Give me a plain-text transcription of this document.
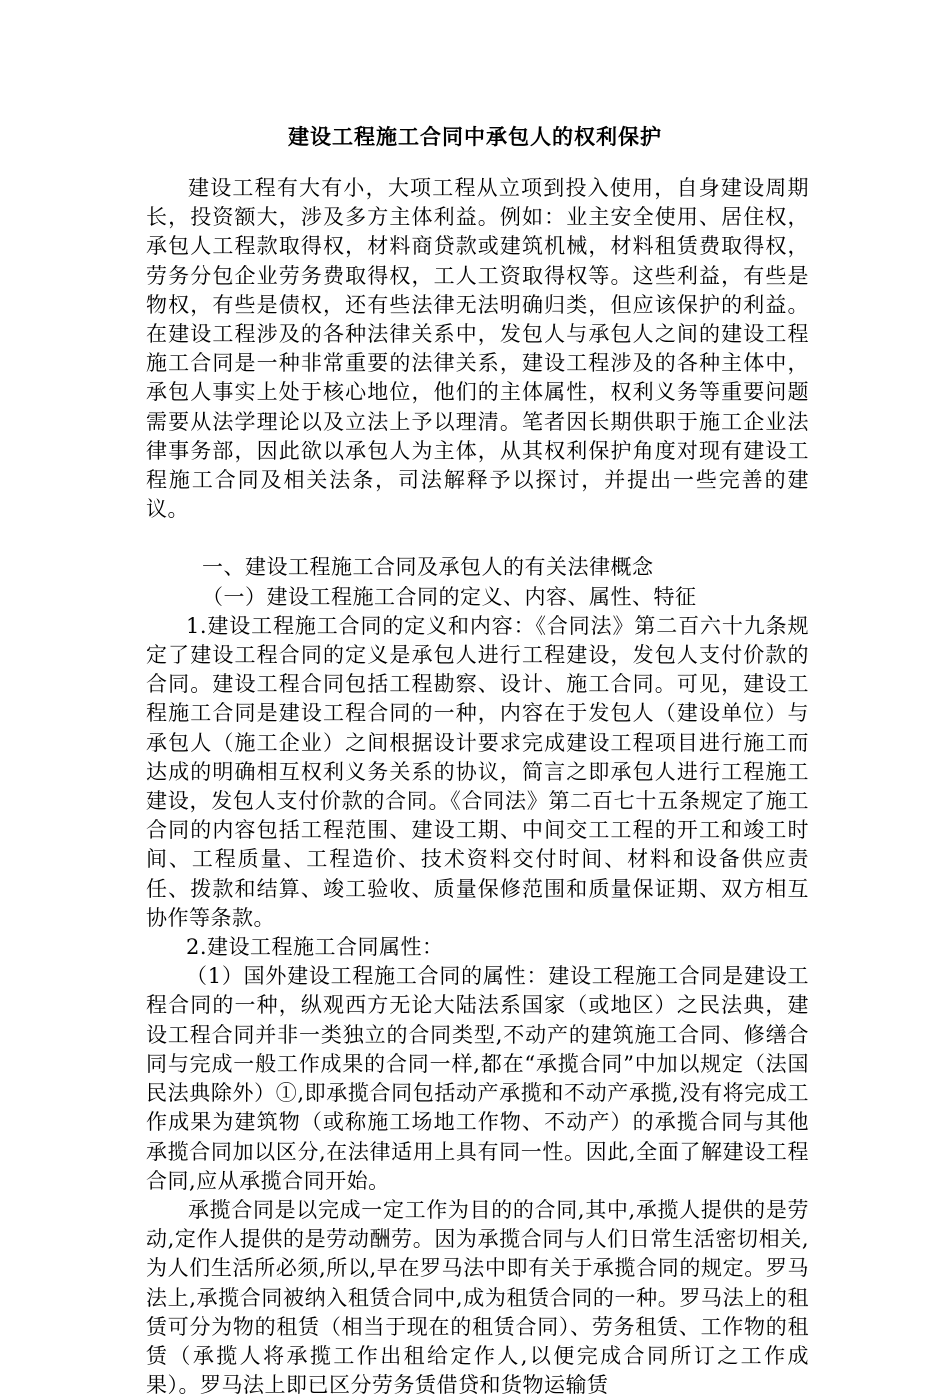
建设工程施工合同中承包人的权利保护

建设工程有大有小，大项工程从立项到投入使用，自身建设周期长，投资额大，涉及多方主体利益。例如：业主安全使用、居住权，承包人工程款取得权，材料商贷款或建筑机械，材料租赁费取得权，劳务分包企业劳务费取得权，工人工资取得权等。这些利益，有些是物权，有些是债权，还有些法律无法明确归类，但应该保护的利益。在建设工程涉及的各种法律关系中，发包人与承包人之间的建设工程施工合同是一种非常重要的法律关系，建设工程涉及的各种主体中，承包人事实上处于核心地位，他们的主体属性，权利义务等重要问题需要从法学理论以及立法上予以理清。笔者因长期供职于施工企业法律事务部，因此欲以承包人为主体，从其权利保护角度对现有建设工程施工合同及相关法条，司法解释予以探讨，并提出一些完善的建议。

一、建设工程施工合同及承包人的有关法律概念

（一）建设工程施工合同的定义、内容、属性、特征

1.建设工程施工合同的定义和内容：《合同法》第二百六十九条规定了建设工程合同的定义是承包人进行工程建设，发包人支付价款的合同。建设工程合同包括工程勘察、设计、施工合同。可见，建设工程施工合同是建设工程合同的一种，内容在于发包人（建设单位）与承包人（施工企业）之间根据设计要求完成建设工程项目进行施工而达成的明确相互权利义务关系的协议，简言之即承包人进行工程施工建设，发包人支付价款的合同。《合同法》第二百七十五条规定了施工合同的内容包括工程范围、建设工期、中间交工工程的开工和竣工时间、工程质量、工程造价、技术资料交付时间、材料和设备供应责任、拨款和结算、竣工验收、质量保修范围和质量保证期、双方相互协作等条款。

2.建设工程施工合同属性：

（1）国外建设工程施工合同的属性：建设工程施工合同是建设工程合同的一种，纵观西方无论大陆法系国家（或地区）之民法典，建设工程合同并非一类独立的合同类型,不动产的建筑施工合同、修缮合同与完成一般工作成果的合同一样,都在“承揽合同”中加以规定（法国民法典除外）①,即承揽合同包括动产承揽和不动产承揽,没有将完成工作成果为建筑物（或称施工场地工作物、不动产）的承揽合同与其他承揽合同加以区分,在法律适用上具有同一性。因此,全面了解建设工程合同,应从承揽合同开始。

承揽合同是以完成一定工作为目的的合同,其中,承揽人提供的是劳动,定作人提供的是劳动酬劳。因为承揽合同与人们日常生活密切相关,为人们生活所必须,所以,早在罗马法中即有关于承揽合同的规定。罗马法上,承揽合同被纳入租赁合同中,成为租赁合同的一种。罗马法上的租赁可分为物的租赁（相当于现在的租赁合同）、劳务租赁、工作物的租赁（承揽人将承揽工作出租给定作人,以便完成合同所订之工作成果）。罗马法上即已区分劳务赁借贷和货物运输赁
